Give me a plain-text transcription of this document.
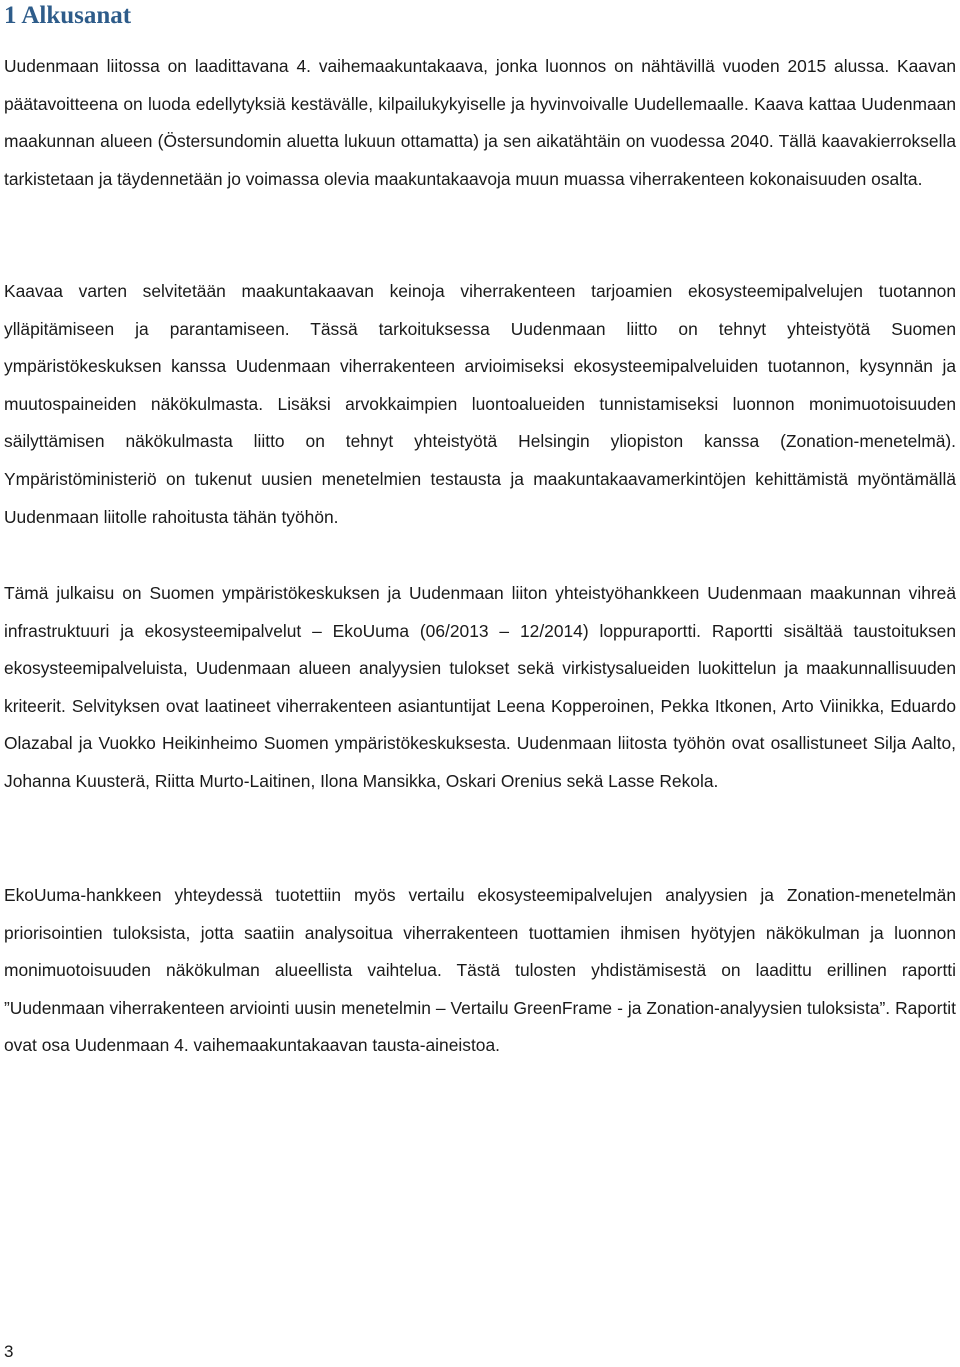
1 Alkusanat

Uudenmaan liitossa on laadittavana 4. vaihemaakuntakaava, jonka luonnos on nähtävillä vuoden 2015 alussa. Kaavan päätavoitteena on luoda edellytyksiä kestävälle, kilpailukykyiselle ja hyvinvoivalle Uudellemaalle. Kaava kattaa Uudenmaan maakunnan alueen (Östersundomin aluetta lukuun ottamatta) ja sen aikatähtäin on vuodessa 2040. Tällä kaavakierroksella tarkistetaan ja täydennetään jo voimassa olevia maakuntakaavoja muun muassa viherrakenteen kokonaisuuden osalta.

Kaavaa varten selvitetään maakuntakaavan keinoja viherrakenteen tarjoamien ekosysteemipalvelujen tuotannon ylläpitämiseen ja parantamiseen. Tässä tarkoituksessa Uudenmaan liitto on tehnyt yhteistyötä Suomen ympäristökeskuksen kanssa Uudenmaan viherrakenteen arvioimiseksi ekosysteemipalveluiden tuotannon, kysynnän ja muutospaineiden näkökulmasta. Lisäksi arvokkaimpien luontoalueiden tunnistamiseksi luonnon monimuotoisuuden säilyttämisen näkökulmasta liitto on tehnyt yhteistyötä Helsingin yliopiston kanssa (Zonation-menetelmä). Ympäristöministeriö on tukenut uusien menetelmien testausta ja maakuntakaavamerkintöjen kehittämistä myöntämällä Uudenmaan liitolle rahoitusta tähän työhön.

Tämä julkaisu on Suomen ympäristökeskuksen ja Uudenmaan liiton yhteistyöhankkeen Uudenmaan maakunnan vihreä infrastruktuuri ja ekosysteemipalvelut – EkoUuma (06/2013 – 12/2014) loppuraportti. Raportti sisältää taustoituksen ekosysteemipalveluista, Uudenmaan alueen analyysien tulokset sekä virkistysalueiden luokittelun ja maakunnallisuuden kriteerit. Selvityksen ovat laatineet viherrakenteen asiantuntijat Leena Kopperoinen, Pekka Itkonen, Arto Viinikka, Eduardo Olazabal ja Vuokko Heikinheimo Suomen ympäristökeskuksesta. Uudenmaan liitosta työhön ovat osallistuneet Silja Aalto, Johanna Kuusterä, Riitta Murto-Laitinen, Ilona Mansikka, Oskari Orenius sekä Lasse Rekola.

EkoUuma-hankkeen yhteydessä tuotettiin myös vertailu ekosysteemipalvelujen analyysien ja Zonation-menetelmän priorisointien tuloksista, jotta saatiin analysoitua viherrakenteen tuottamien ihmisen hyötyjen näkökulman ja luonnon monimuotoisuuden näkökulman alueellista vaihtelua. Tästä tulosten yhdistämisestä on laadittu erillinen raportti ”Uudenmaan viherrakenteen arviointi uusin menetelmin – Vertailu GreenFrame - ja Zonation-analyysien tuloksista”. Raportit ovat osa Uudenmaan 4. vaihemaakuntakaavan tausta-aineistoa.

3
